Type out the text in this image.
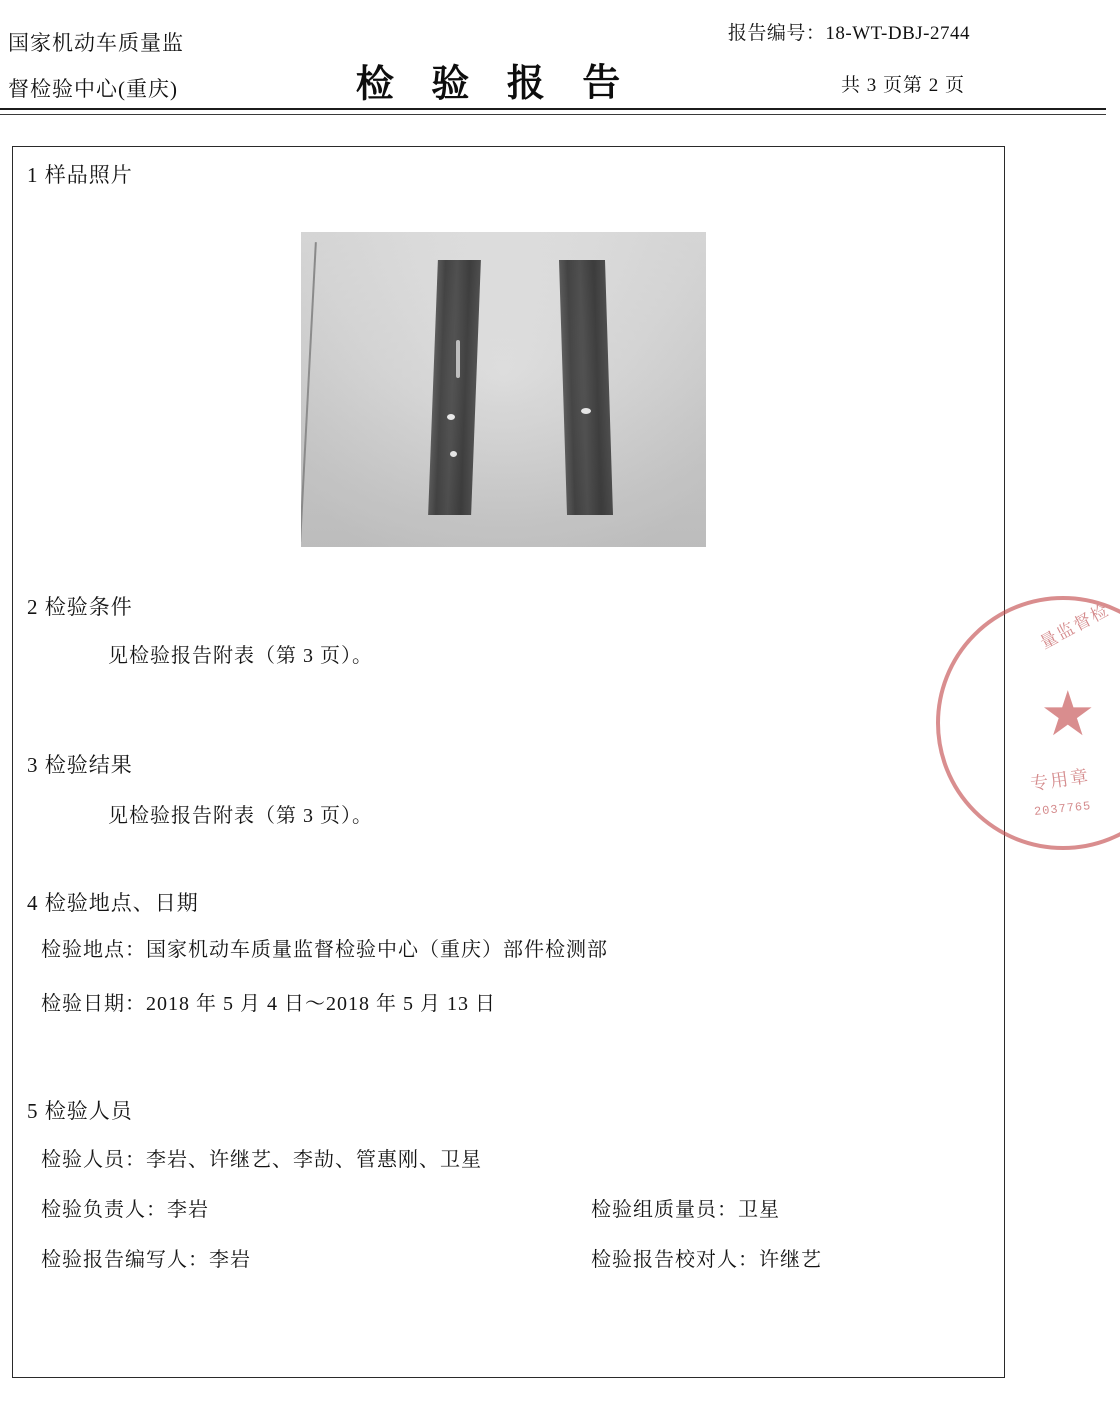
国家机动车质量监
督检验中心(重庆)	检 验 报 告
报告编号：18-WT-DBJ-2744
共 3 页第 2 页
1 样品照片
2 检验条件
见检验报告附表（第 3 页）。
3 检验结果
见检验报告附表（第 3 页）。
4 检验地点、日期
检验地点：国家机动车质量监督检验中心（重庆）部件检测部
检验日期：2018 年 5 月 4 日～2018 年 5 月 13 日
5 检验人员
检验人员：李岩、许继艺、李劼、管惠刚、卫星
检验负责人：李岩
检验报告编写人：李岩
检验组质量员：卫星
检验报告校对人：许继艺
量监督检
专用章
2037765
